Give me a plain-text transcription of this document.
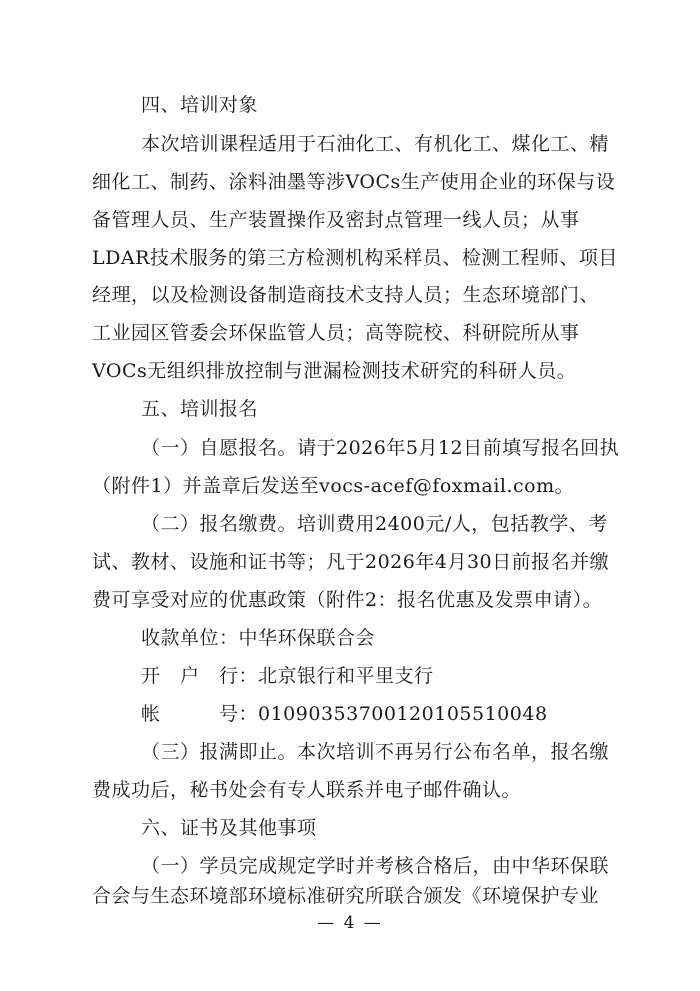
四、培训对象
本次培训课程适用于石油化工、有机化工、煤化工、精
细化工、制药、涂料油墨等涉VOCs生产使用企业的环保与设
备管理人员、生产装置操作及密封点管理一线人员；从事
LDAR技术服务的第三方检测机构采样员、检测工程师、项目
经理，以及检测设备制造商技术支持人员；生态环境部门、
工业园区管委会环保监管人员；高等院校、科研院所从事
VOCs无组织排放控制与泄漏检测技术研究的科研人员。
五、培训报名
（一）自愿报名。请于2026年5月12日前填写报名回执
（附件1）并盖章后发送至vocs-acef@foxmail.com。
（二）报名缴费。培训费用2400元/人，包括教学、考
试、教材、设施和证书等；凡于2026年4月30日前报名并缴
费可享受对应的优惠政策（附件2：报名优惠及发票申请）。
收款单位：中华环保联合会
开　户　行：北京银行和平里支行
帐　　　号：01090353700120105510048
（三）报满即止。本次培训不再另行公布名单，报名缴
费成功后，秘书处会有专人联系并电子邮件确认。
六、证书及其他事项
（一）学员完成规定学时并考核合格后，由中华环保联
合会与生态环境部环境标准研究所联合颁发《环境保护专业
— 4 —
